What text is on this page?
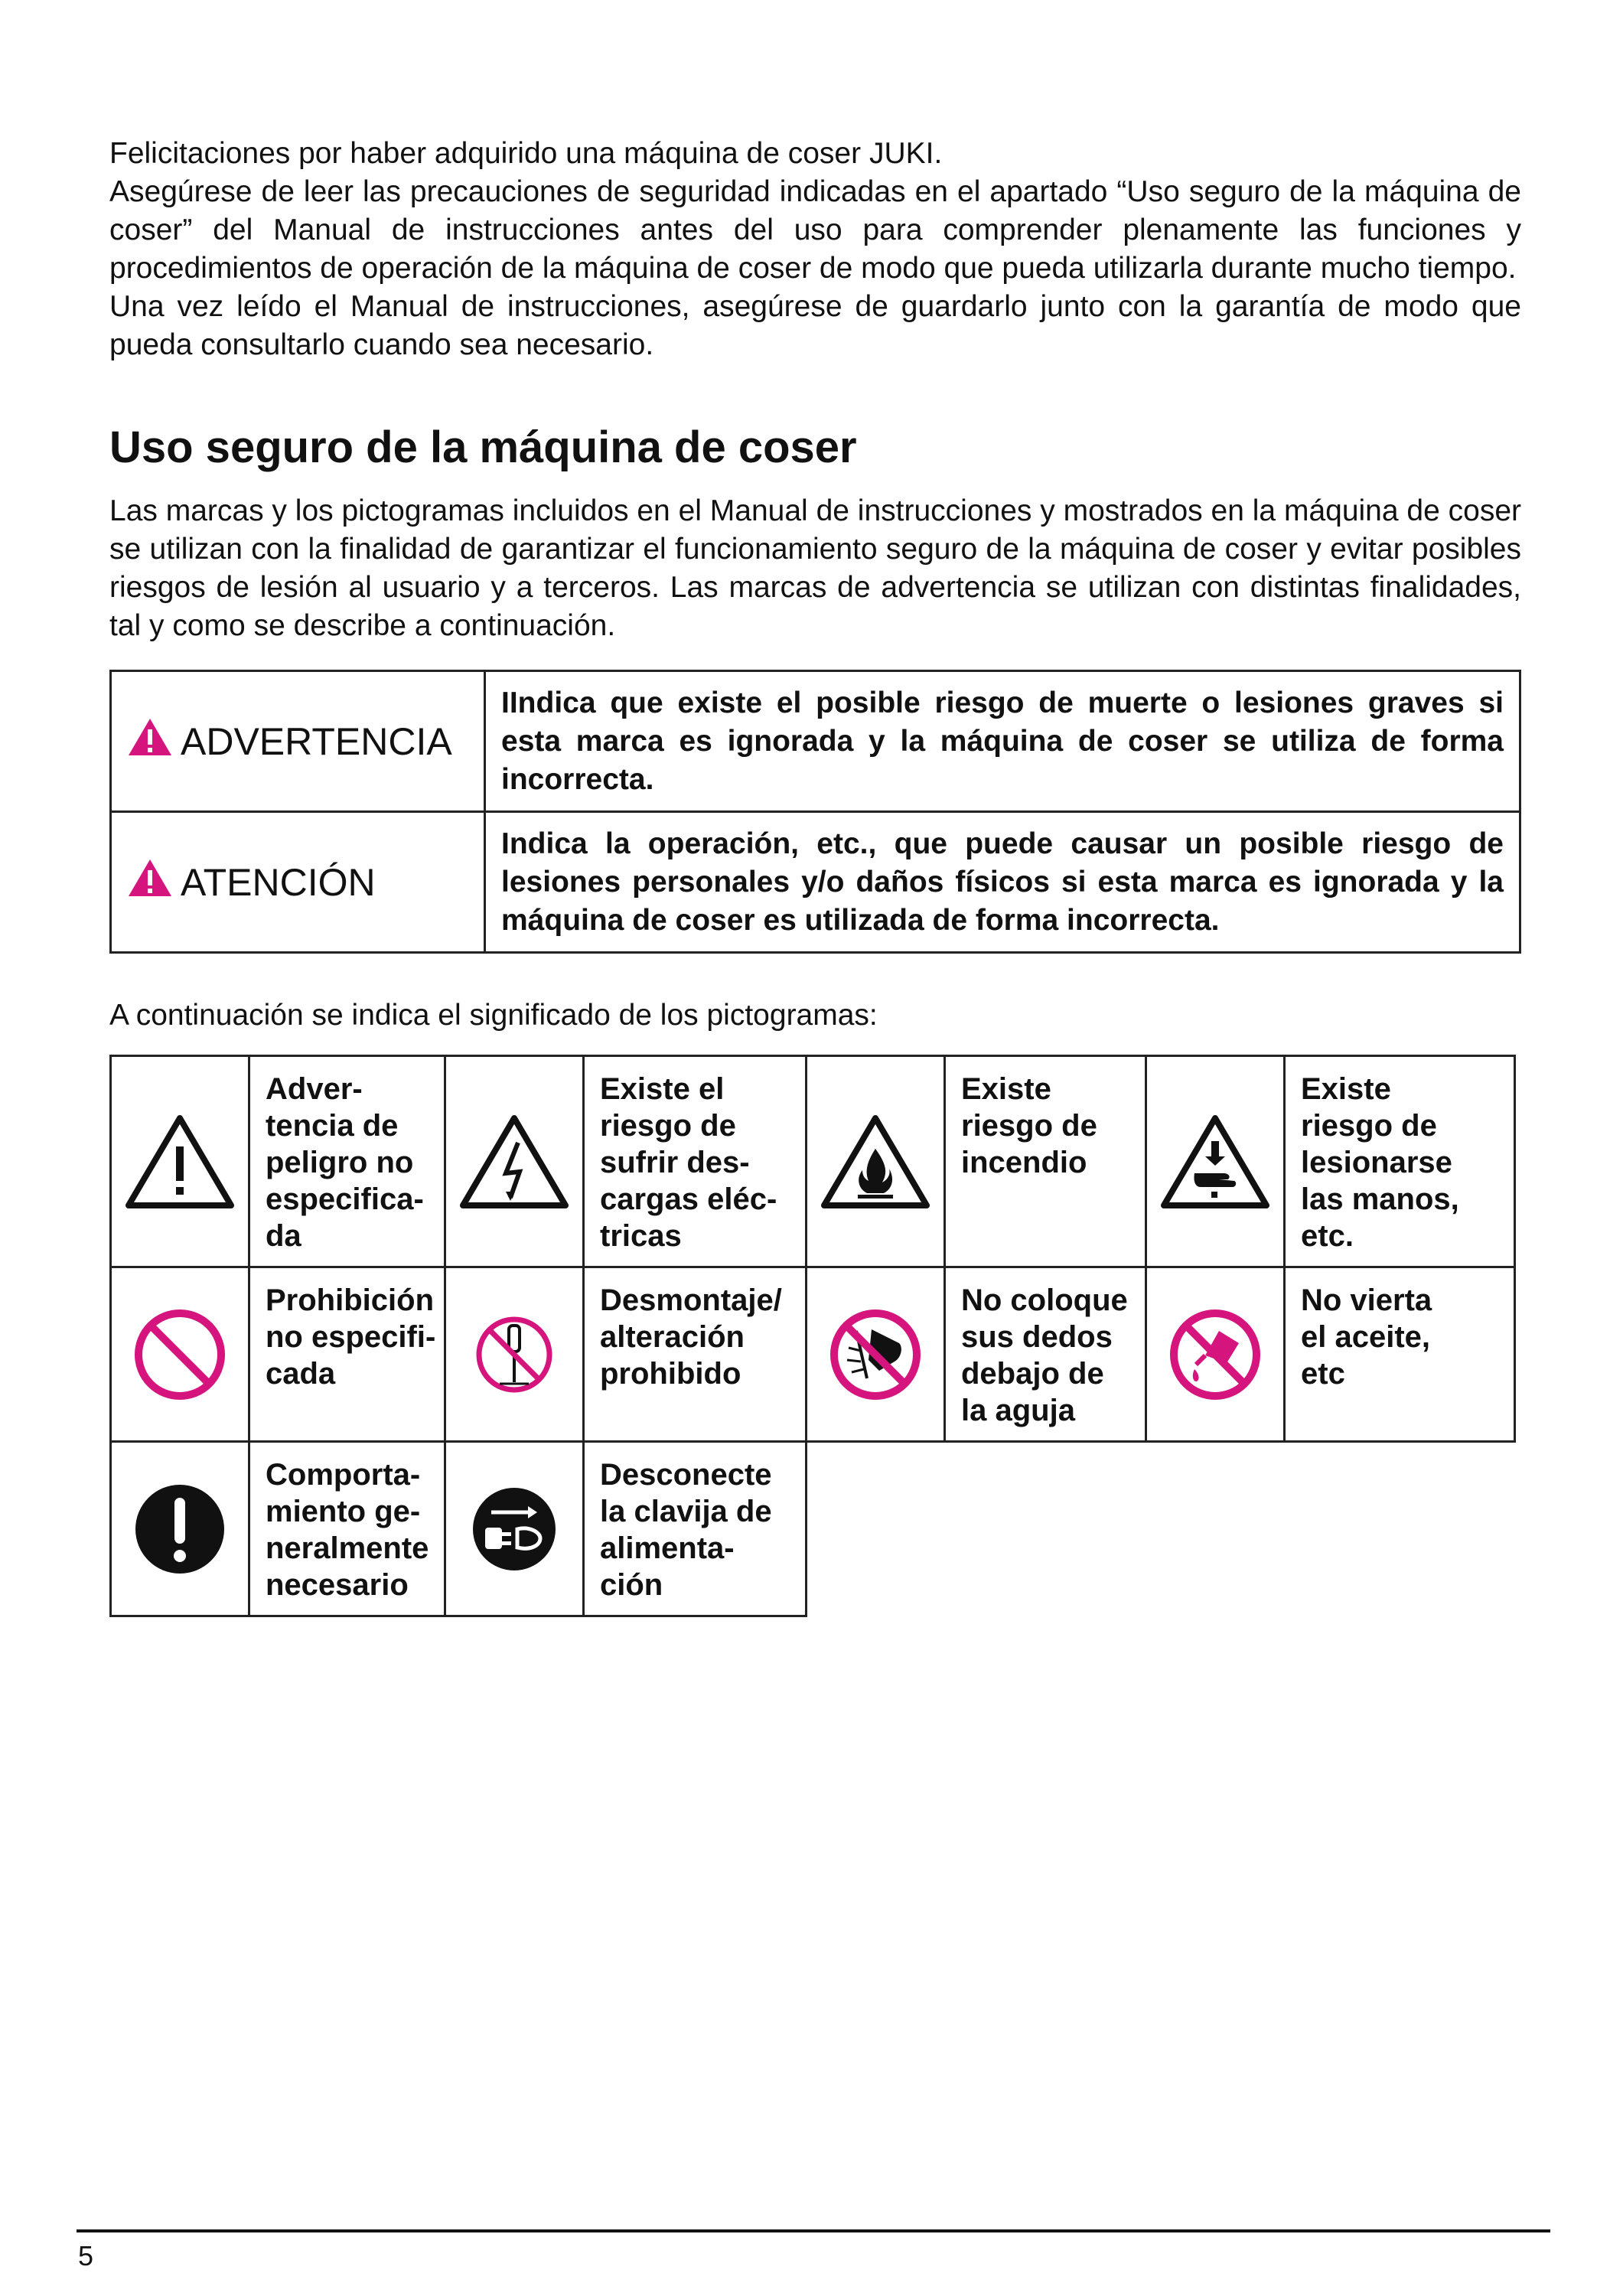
Felicitaciones por haber adquirido una máquina de coser JUKI.

Asegúrese de leer las precauciones de seguridad indicadas en el apartado “Uso seguro de la máquina de coser” del Manual de instrucciones antes del uso para comprender plenamente las funciones y procedimientos de operación de la máquina de coser de modo que pueda utilizarla durante mucho tiempo.

Una vez leído el Manual de instrucciones, asegúrese de guardarlo junto con la garantía de modo que pueda consultarlo cuando sea necesario.

Uso seguro de la máquina de coser

Las marcas y los pictogramas incluidos en el Manual de instrucciones y mostrados en la máquina de coser se utilizan con la finalidad de garantizar el funcionamiento seguro de la máquina de coser y evitar posibles riesgos de lesión al usuario y a terceros. Las marcas de advertencia se utilizan con distintas finalidades, tal y como se describe a continuación.

ADVERTENCIA	IIndica que existe el posible riesgo de muerte o lesiones graves si esta marca es ignorada y la máquina de coser se utiliza de forma incorrecta.
ATENCIÓN	Indica la operación, etc., que puede causar un posible riesgo de lesiones personales y/o daños físicos si esta marca es ignorada y la máquina de coser es utilizada de forma incorrecta.

A continuación se indica el significado de los pictogramas:

	Adver-
tencia de
peligro no
especifica-
da		Existe el
riesgo de
sufrir des-
cargas eléc-
tricas		Existe
riesgo de
incendio		Existe
riesgo de
lesionarse
las manos,
etc.

	Prohibición
no especifi-
cada		Desmontaje/
alteración
prohibido		No coloque
sus dedos
debajo de
la aguja		No vierta
el aceite,
etc

	Comporta-
miento ge-
neralmente
necesario		Desconecte
la clavija de
alimenta-
ción				
5
